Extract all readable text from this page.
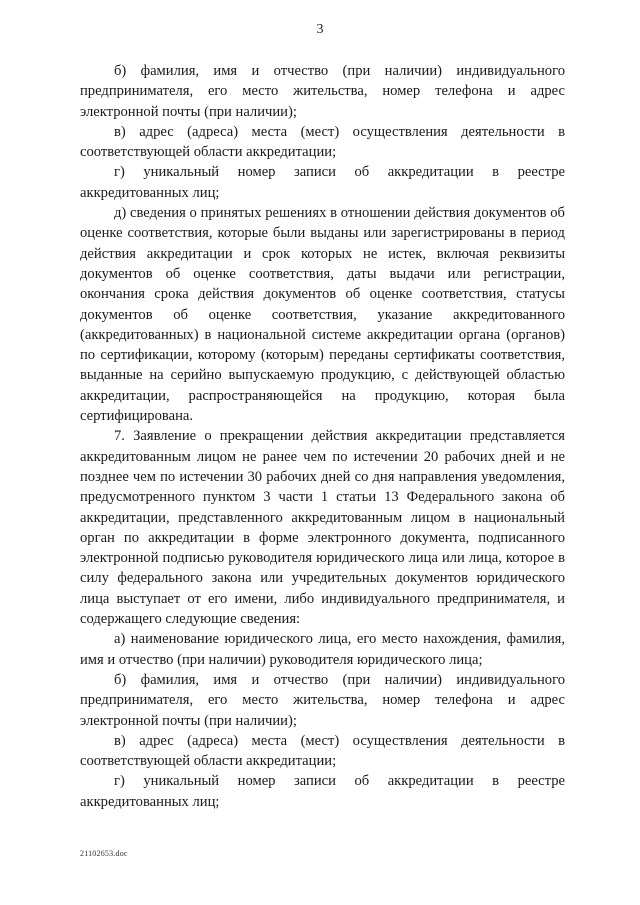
3

б) фамилия, имя и отчество (при наличии) индивидуального предпринимателя, его место жительства, номер телефона и адрес электронной почты (при наличии);

в) адрес (адреса) места (мест) осуществления деятельности в соответствующей области аккредитации;

г) уникальный номер записи об аккредитации в реестре аккредитованных лиц;

д) сведения о принятых решениях в отношении действия документов об оценке соответствия, которые были выданы или зарегистрированы в период действия аккредитации и срок которых не истек, включая реквизиты документов об оценке соответствия, даты выдачи или регистрации, окончания срока действия документов об оценке соответствия, статусы документов об оценке соответствия, указание аккредитованного (аккредитованных) в национальной системе аккредитации органа (органов) по сертификации, которому (которым) переданы сертификаты соответствия, выданные на серийно выпускаемую продукцию, с действующей областью аккредитации, распространяющейся на продукцию, которая была сертифицирована.

7. Заявление о прекращении действия аккредитации представляется аккредитованным лицом не ранее чем по истечении 20 рабочих дней и не позднее чем по истечении 30 рабочих дней со дня направления уведомления, предусмотренного пунктом 3 части 1 статьи 13 Федерального закона об аккредитации, представленного аккредитованным лицом в национальный орган по аккредитации в форме электронного документа, подписанного электронной подписью руководителя юридического лица или лица, которое в силу федерального закона или учредительных документов юридического лица выступает от его имени, либо индивидуального предпринимателя, и содержащего следующие сведения:

а) наименование юридического лица, его место нахождения, фамилия, имя и отчество (при наличии) руководителя юридического лица;

б) фамилия, имя и отчество (при наличии) индивидуального предпринимателя, его место жительства, номер телефона и адрес электронной почты (при наличии);

в) адрес (адреса) места (мест) осуществления деятельности в соответствующей области аккредитации;

г) уникальный номер записи об аккредитации в реестре аккредитованных лиц;

21102653.doc
